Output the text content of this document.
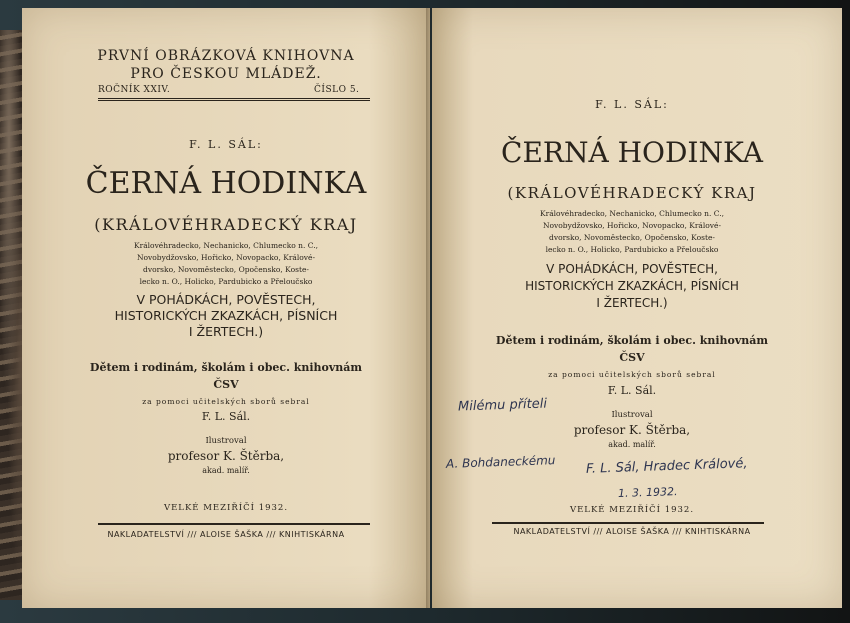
PRVNÍ OBRÁZKOVÁ KNIHOVNA
PRO ČESKOU MLÁDEŽ.
ROČNÍK XXIV.	ČÍSLO 5.
F. L. SÁL:
ČERNÁ HODINKA
(KRÁLOVÉHRADECKÝ KRAJ
Královéhradecko, Nechanicko, Chlumecko n. C.,
Novobydžovsko, Hořicko, Novopacko, Králové-
dvorsko, Novoměstecko, Opočensko, Koste-
lecko n. O., Holicko, Pardubicko a Přeloučsko
V POHÁDKÁCH, POVĚSTECH,
HISTORICKÝCH ZKAZKÁCH, PÍSNÍCH
I ŽERTECH.)
Dětem i rodinám, školám i obec. knihovnám
ČSV
za pomoci učitelských sborů sebral
F. L. Sál.
Ilustroval
profesor K. Štěrba,
akad. malíř.
VELKÉ MEZIŘÍČÍ 1932.
NAKLADATELSTVÍ /// ALOISE ŠAŠKA /// KNIHTISKÁRNA
F. L. SÁL:
ČERNÁ HODINKA
(KRÁLOVÉHRADECKÝ KRAJ
Královéhradecko, Nechanicko, Chlumecko n. C.,
Novobydžovsko, Hořicko, Novopacko, Králové-
dvorsko, Novoměstecko, Opočensko, Koste-
lecko n. O., Holicko, Pardubicko a Přeloučsko
V POHÁDKÁCH, POVĚSTECH,
HISTORICKÝCH ZKAZKÁCH, PÍSNÍCH
I ŽERTECH.)
Dětem i rodinám, školám i obec. knihovnám
ČSV
za pomoci učitelských sborů sebral
F. L. Sál.
Ilustroval
profesor K. Štěrba,
akad. malíř.
VELKÉ MEZIŘÍČÍ 1932.
NAKLADATELSTVÍ /// ALOISE ŠAŠKA /// KNIHTISKÁRNA
Milému příteli
A. Bohdaneckému F. L. Sál, Hradec Králové,
1. 3. 1932.
